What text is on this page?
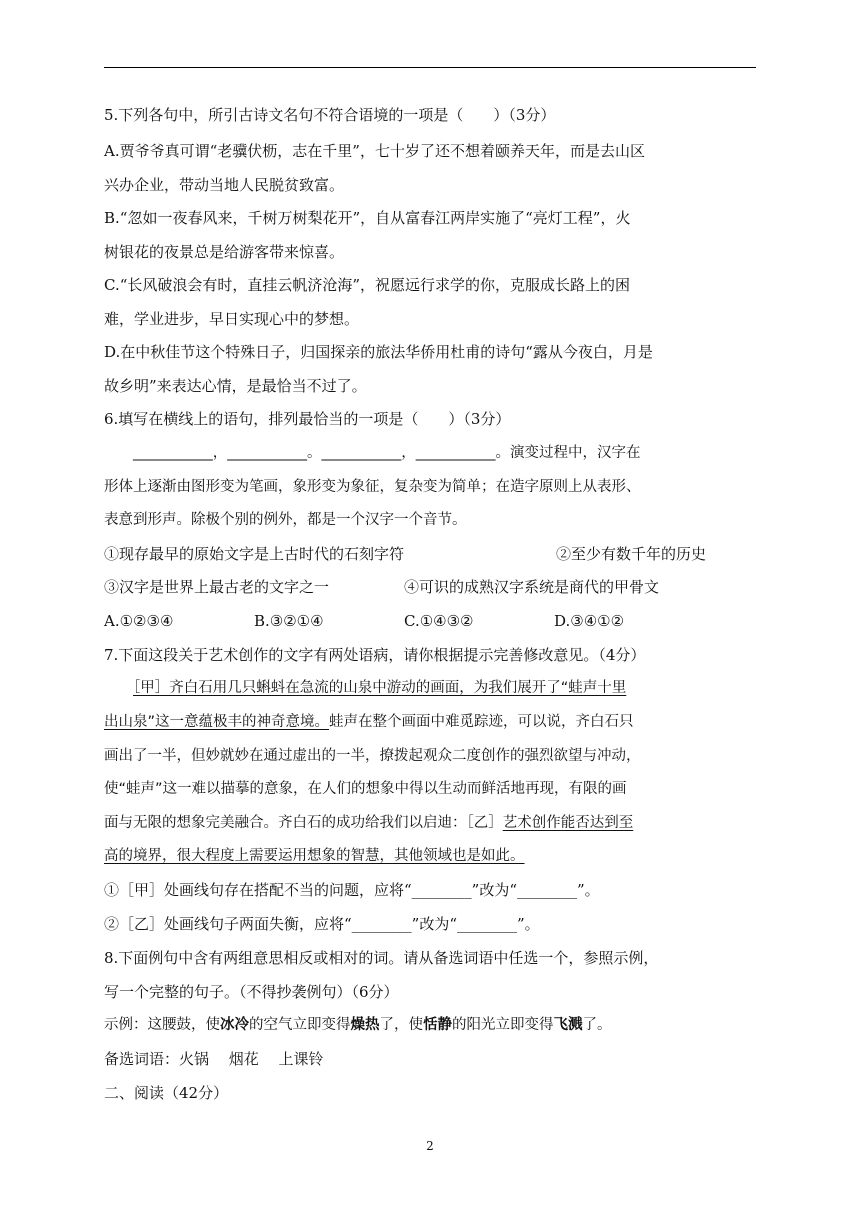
5.下列各句中，所引古诗文名句不符合语境的一项是（　　）（3分）
A.贾爷爷真可谓“老骥伏枥，志在千里”，七十岁了还不想着颐养天年，而是去山区
兴办企业，带动当地人民脱贫致富。
B.“忽如一夜春风来，千树万树梨花开”，自从富春江两岸实施了“亮灯工程”，火
树银花的夜景总是给游客带来惊喜。
C.“长风破浪会有时，直挂云帆济沧海”，祝愿远行求学的你，克服成长路上的困
难，学业进步，早日实现心中的梦想。
D.在中秋佳节这个特殊日子，归国探亲的旅法华侨用杜甫的诗句“露从今夜白，月是
故乡明”来表达心情，是最恰当不过了。
6.填写在横线上的语句，排列最恰当的一项是（　　）（3分）
　　___________，___________。___________，___________。演变过程中，汉字在
形体上逐渐由图形变为笔画，象形变为象征，复杂变为简单；在造字原则上从表形、
表意到形声。除极个别的例外，都是一个汉字一个音节。
①现存最早的原始文字是上古时代的石刻字符	②至少有数千年的历史
③汉字是世界上最古老的文字之一	④可识的成熟汉字系统是商代的甲骨文
A.①②③④	B.③②①④	C.①④③②	D.③④①②
7.下面这段关于艺术创作的文字有两处语病，请你根据提示完善修改意见。（4分）
　　［甲］齐白石用几只蝌蚪在急流的山泉中游动的画面，为我们展开了“蛙声十里
出山泉”这一意蕴极丰的神奇意境。蛙声在整个画面中难觅踪迹，可以说，齐白石只
画出了一半，但妙就妙在通过虚出的一半，撩拨起观众二度创作的强烈欲望与冲动，
使“蛙声”这一难以描摹的意象，在人们的想象中得以生动而鲜活地再现，有限的画
面与无限的想象完美融合。齐白石的成功给我们以启迪：［乙］艺术创作能否达到至
高的境界，很大程度上需要运用想象的智慧，其他领域也是如此。
①［甲］处画线句存在搭配不当的问题，应将“________”改为“________”。
②［乙］处画线句子两面失衡，应将“________”改为“________”。
8.下面例句中含有两组意思相反或相对的词。请从备选词语中任选一个，参照示例，
写一个完整的句子。（不得抄袭例句）（6分）
示例：这腰鼓，使冰冷的空气立即变得燥热了，使恬静的阳光立即变得飞溅了。
备选词语：火锅　 烟花　 上课铃
二、阅读（42分）
2
